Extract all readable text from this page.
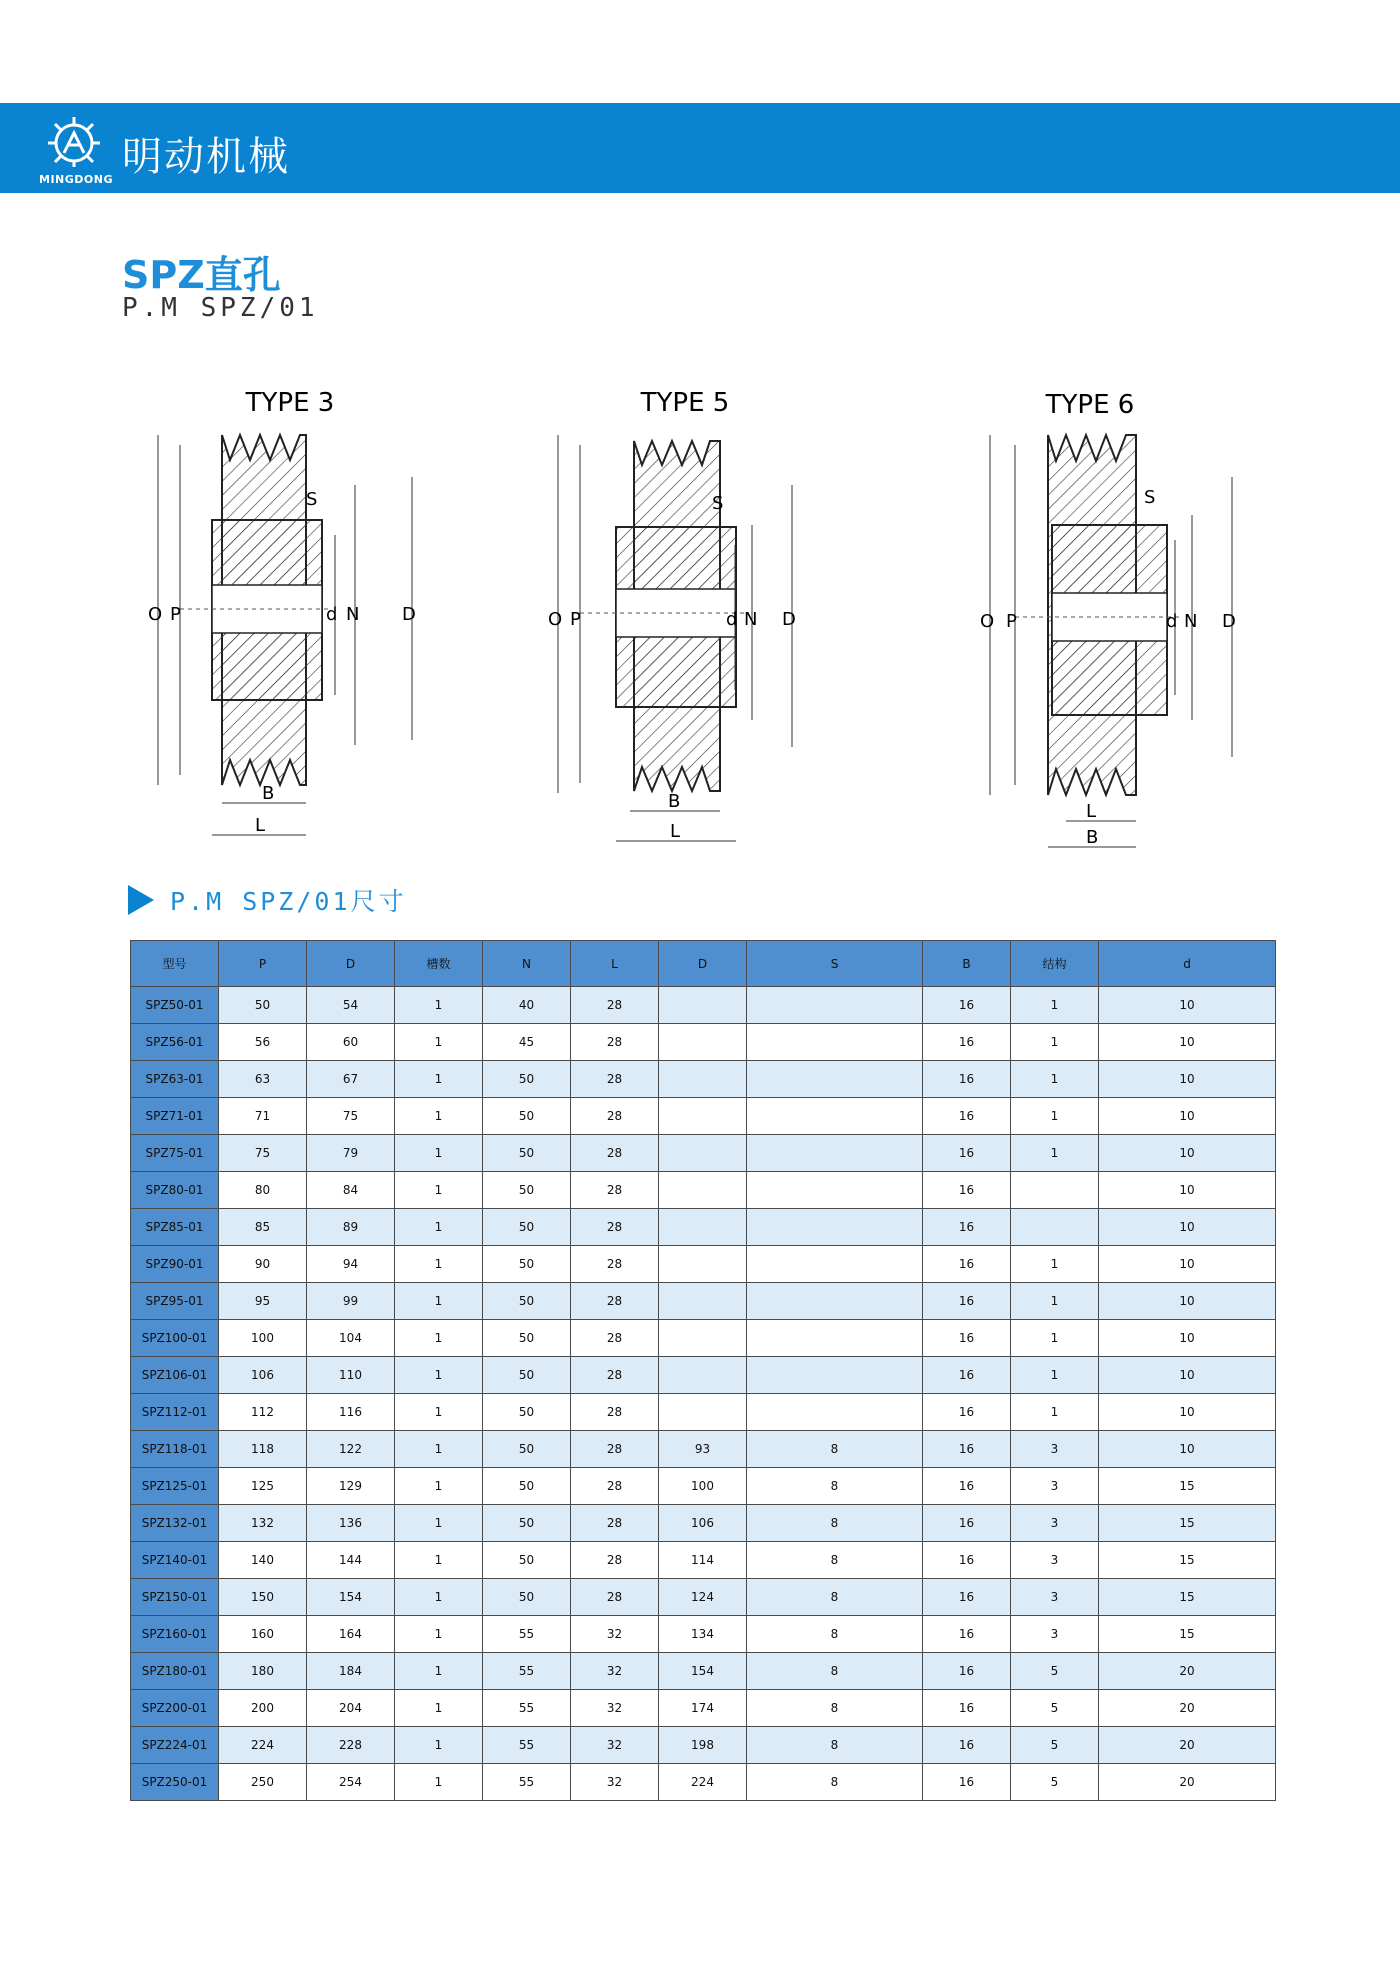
MINGDONG 明动机械
SPZ直孔
P.M SPZ/01
TYPE 3
O P
S
d N D
B
L
TYPE 5
O P
S
d N D
B
L
TYPE 6
O P
S
d N D
L
B
P.M SPZ/01尺寸
型号	P	D	槽数	N	L	D	S	B	结构	d
SPZ50-01	50	54	1	40	28			16	1	10
SPZ56-01	56	60	1	45	28			16	1	10
SPZ63-01	63	67	1	50	28			16	1	10
SPZ71-01	71	75	1	50	28			16	1	10
SPZ75-01	75	79	1	50	28			16	1	10
SPZ80-01	80	84	1	50	28			16		10
SPZ85-01	85	89	1	50	28			16		10
SPZ90-01	90	94	1	50	28			16	1	10
SPZ95-01	95	99	1	50	28			16	1	10
SPZ100-01	100	104	1	50	28			16	1	10
SPZ106-01	106	110	1	50	28			16	1	10
SPZ112-01	112	116	1	50	28			16	1	10
SPZ118-01	118	122	1	50	28	93	8	16	3	10
SPZ125-01	125	129	1	50	28	100	8	16	3	15
SPZ132-01	132	136	1	50	28	106	8	16	3	15
SPZ140-01	140	144	1	50	28	114	8	16	3	15
SPZ150-01	150	154	1	50	28	124	8	16	3	15
SPZ160-01	160	164	1	55	32	134	8	16	3	15
SPZ180-01	180	184	1	55	32	154	8	16	5	20
SPZ200-01	200	204	1	55	32	174	8	16	5	20
SPZ224-01	224	228	1	55	32	198	8	16	5	20
SPZ250-01	250	254	1	55	32	224	8	16	5	20
